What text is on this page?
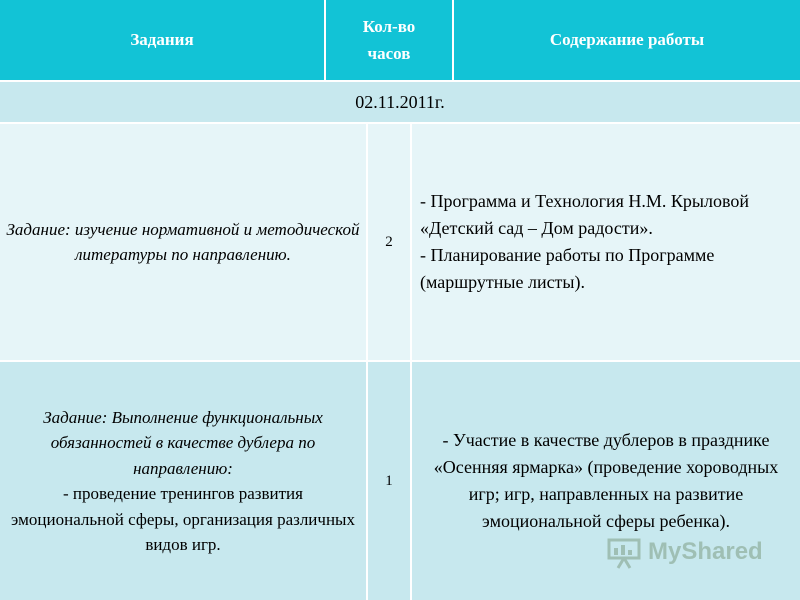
Задания
Кол-во часов
Содержание работы
02.11.2011г.
Задание: изучение нормативной и методической литературы по направлению.
2
- Программа и Технология Н.М. Крыловой «Детский сад – Дом радости».
- Планирование работы по Программе (маршрутные листы).
Задание: Выполнение функциональных обязанностей в качестве дублера по направлению:
- проведение тренингов развития эмоциональной сферы, организация различных видов игр.
1
- Участие в качестве дублеров в празднике «Осенняя ярмарка» (проведение хороводных игр; игр, направленных на развитие эмоциональной сферы ребенка).
MyShared
